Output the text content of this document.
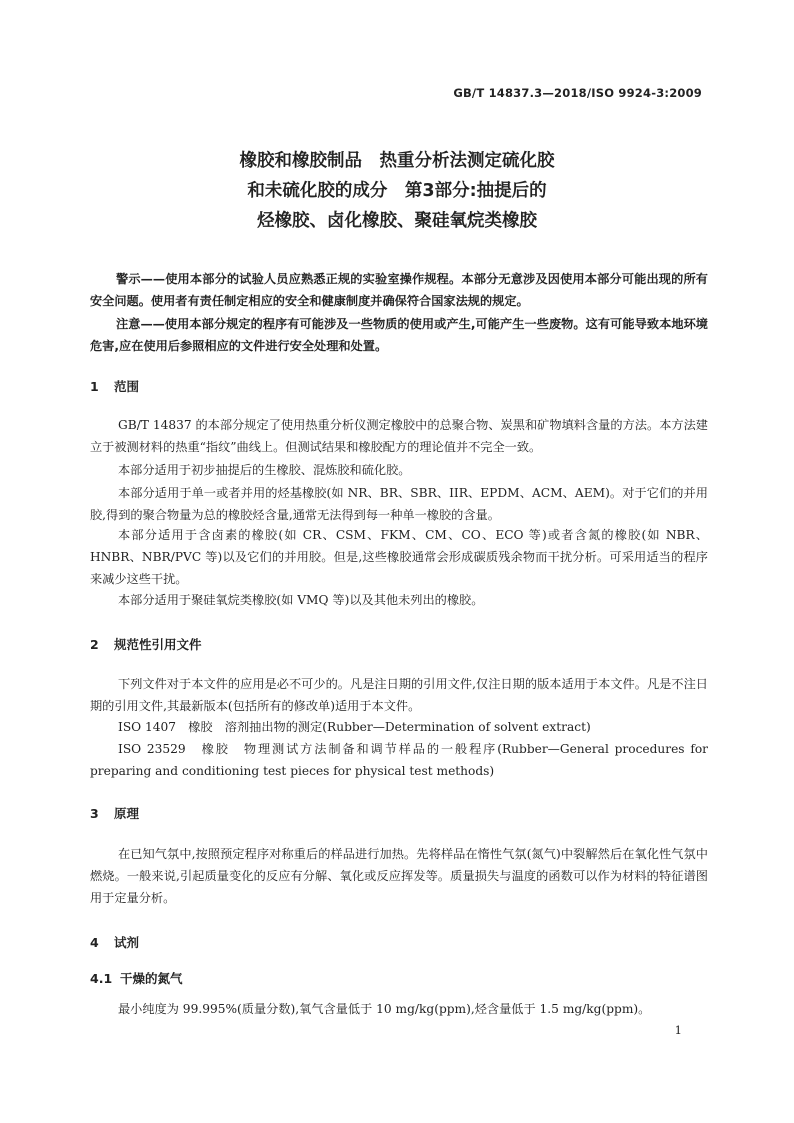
GB/T 14837.3—2018/ISO 9924-3:2009
橡胶和橡胶制品　热重分析法测定硫化胶
和未硫化胶的成分　第3部分:抽提后的
烃橡胶、卤化橡胶、聚硅氧烷类橡胶
警示——使用本部分的试验人员应熟悉正规的实验室操作规程。本部分无意涉及因使用本部分可能出现的所有安全问题。使用者有责任制定相应的安全和健康制度并确保符合国家法规的规定。
注意——使用本部分规定的程序有可能涉及一些物质的使用或产生,可能产生一些废物。这有可能导致本地环境危害,应在使用后参照相应的文件进行安全处理和处置。
1 范围
GB/T 14837 的本部分规定了使用热重分析仪测定橡胶中的总聚合物、炭黑和矿物填料含量的方法。本方法建立于被测材料的热重“指纹”曲线上。但测试结果和橡胶配方的理论值并不完全一致。
本部分适用于初步抽提后的生橡胶、混炼胶和硫化胶。
本部分适用于单一或者并用的烃基橡胶(如 NR、BR、SBR、IIR、EPDM、ACM、AEM)。对于它们的并用胶,得到的聚合物量为总的橡胶烃含量,通常无法得到每一种单一橡胶的含量。
本部分适用于含卤素的橡胶(如 CR、CSM、FKM、CM、CO、ECO 等)或者含氮的橡胶(如 NBR、HNBR、NBR/PVC 等)以及它们的并用胶。但是,这些橡胶通常会形成碳质残余物而干扰分析。可采用适当的程序来减少这些干扰。
本部分适用于聚硅氧烷类橡胶(如 VMQ 等)以及其他未列出的橡胶。
2 规范性引用文件
下列文件对于本文件的应用是必不可少的。凡是注日期的引用文件,仅注日期的版本适用于本文件。凡是不注日期的引用文件,其最新版本(包括所有的修改单)适用于本文件。
ISO 1407　橡胶　溶剂抽出物的测定(Rubber—Determination of solvent extract)
ISO 23529　橡胶　物理测试方法制备和调节样品的一般程序(Rubber—General procedures for preparing and conditioning test pieces for physical test methods)
3 原理
在已知气氛中,按照预定程序对称重后的样品进行加热。先将样品在惰性气氛(氮气)中裂解然后在氧化性气氛中燃烧。一般来说,引起质量变化的反应有分解、氧化或反应挥发等。质量损失与温度的函数可以作为材料的特征谱图用于定量分析。
4 试剂
4.1 干燥的氮气
最小纯度为 99.995%(质量分数),氧气含量低于 10 mg/kg(ppm),烃含量低于 1.5 mg/kg(ppm)。
1
